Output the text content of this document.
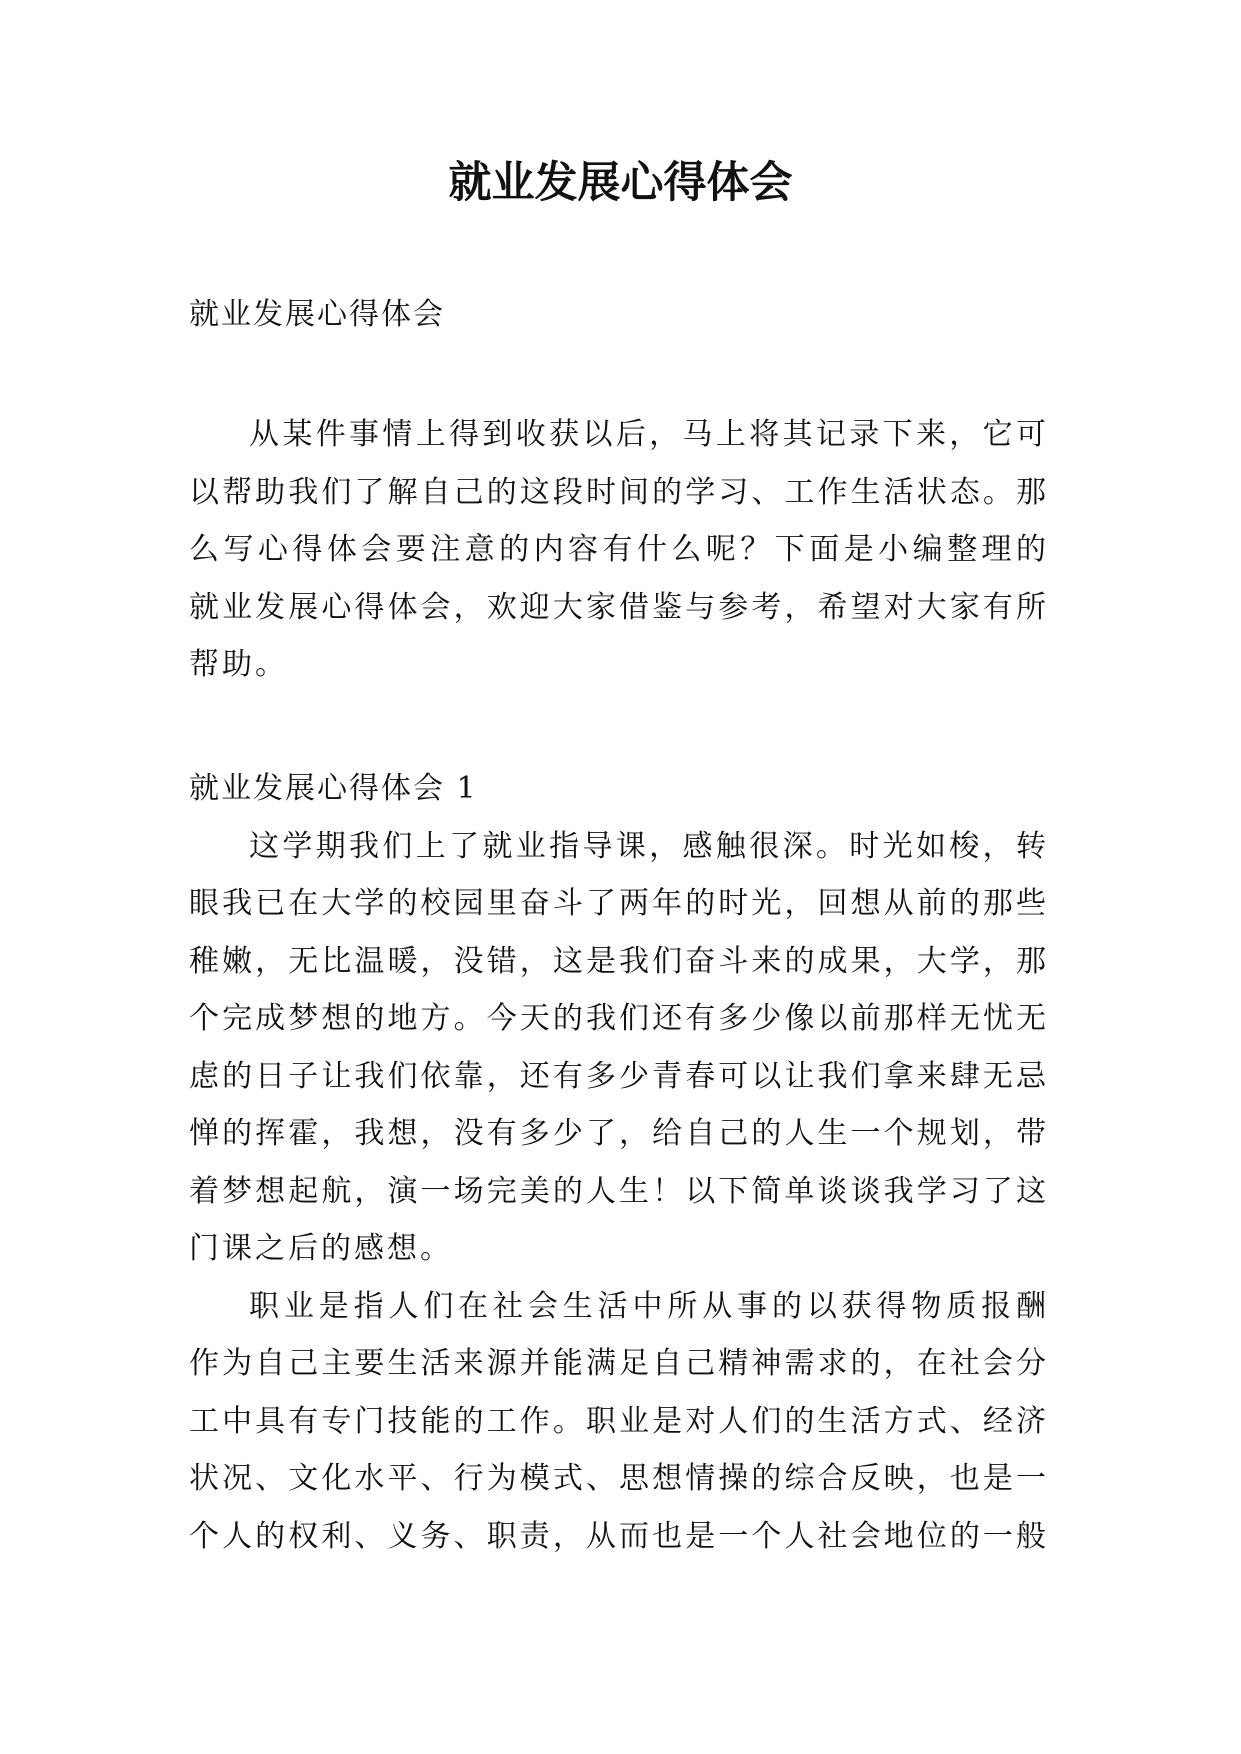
就业发展心得体会

就业发展心得体会

从某件事情上得到收获以后，马上将其记录下来，它可
以帮助我们了解自己的这段时间的学习、工作生活状态。那
么写心得体会要注意的内容有什么呢？下面是小编整理的
就业发展心得体会，欢迎大家借鉴与参考，希望对大家有所
帮助。

就业发展心得体会 1

这学期我们上了就业指导课，感触很深。时光如梭，转
眼我已在大学的校园里奋斗了两年的时光，回想从前的那些
稚嫩，无比温暖，没错，这是我们奋斗来的成果，大学，那
个完成梦想的地方。今天的我们还有多少像以前那样无忧无
虑的日子让我们依靠，还有多少青春可以让我们拿来肆无忌
惮的挥霍，我想，没有多少了，给自己的人生一个规划，带
着梦想起航，演一场完美的人生！以下简单谈谈我学习了这
门课之后的感想。

职业是指人们在社会生活中所从事的以获得物质报酬
作为自己主要生活来源并能满足自己精神需求的，在社会分
工中具有专门技能的工作。职业是对人们的生活方式、经济
状况、文化水平、行为模式、思想情操的综合反映，也是一
个人的权利、义务、职责，从而也是一个人社会地位的一般
